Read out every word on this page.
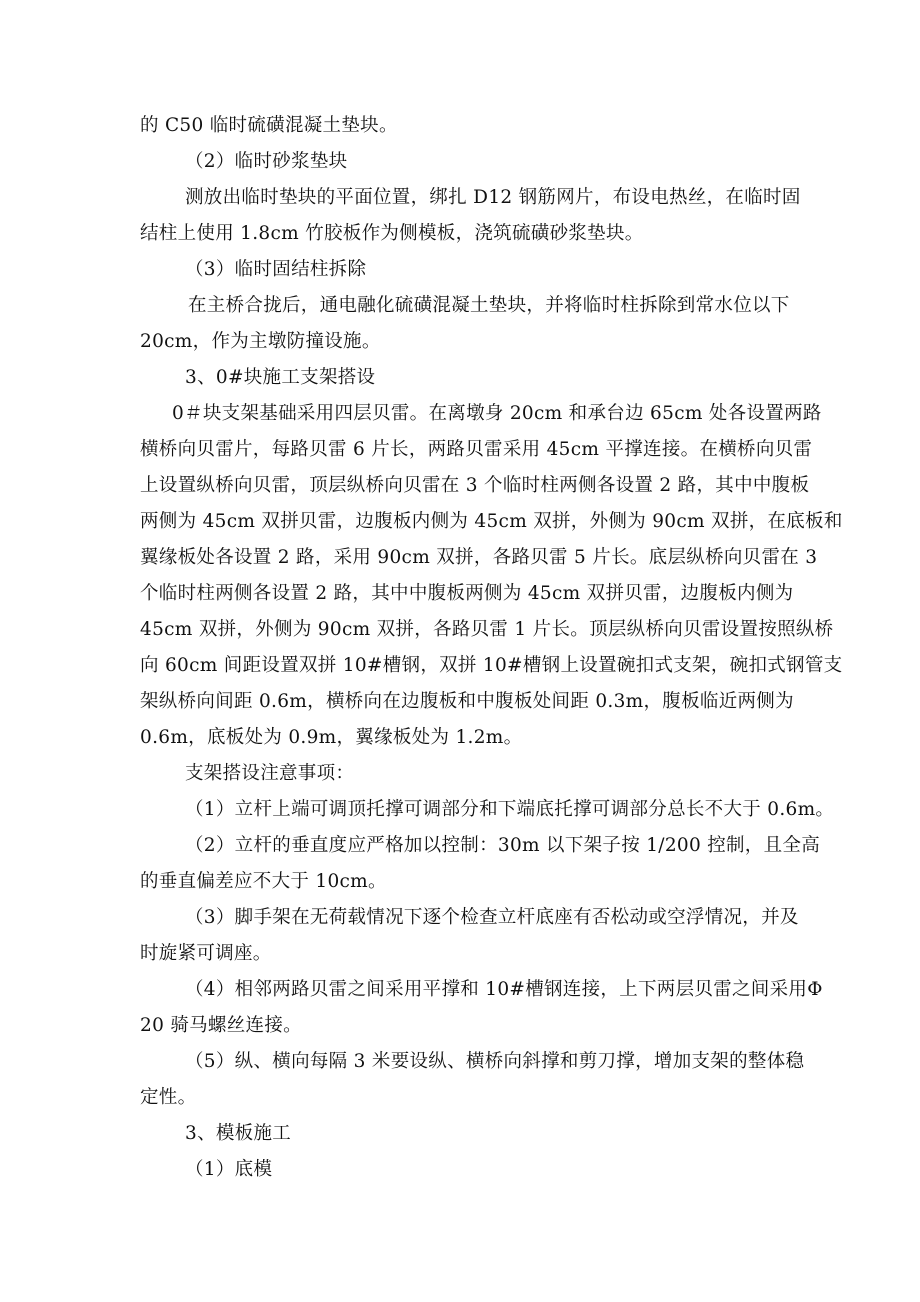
的 C50 临时硫磺混凝土垫块。
（2）临时砂浆垫块
测放出临时垫块的平面位置，绑扎 D12 钢筋网片，布设电热丝，在临时固
结柱上使用 1.8cm 竹胶板作为侧模板，浇筑硫磺砂浆垫块。
（3）临时固结柱拆除
在主桥合拢后，通电融化硫磺混凝土垫块，并将临时柱拆除到常水位以下
20cm，作为主墩防撞设施。
3、0#块施工支架搭设
0＃块支架基础采用四层贝雷。在离墩身 20cm 和承台边 65cm 处各设置两路
横桥向贝雷片，每路贝雷 6 片长，两路贝雷采用 45cm 平撑连接。在横桥向贝雷
上设置纵桥向贝雷，顶层纵桥向贝雷在 3 个临时柱两侧各设置 2 路，其中中腹板
两侧为 45cm 双拼贝雷，边腹板内侧为 45cm 双拼，外侧为 90cm 双拼，在底板和
翼缘板处各设置 2 路，采用 90cm 双拼，各路贝雷 5 片长。底层纵桥向贝雷在 3
个临时柱两侧各设置 2 路，其中中腹板两侧为 45cm 双拼贝雷，边腹板内侧为
45cm 双拼，外侧为 90cm 双拼，各路贝雷 1 片长。顶层纵桥向贝雷设置按照纵桥
向 60cm 间距设置双拼 10#槽钢，双拼 10#槽钢上设置碗扣式支架，碗扣式钢管支
架纵桥向间距 0.6m，横桥向在边腹板和中腹板处间距 0.3m，腹板临近两侧为
0.6m，底板处为 0.9m，翼缘板处为 1.2m。
支架搭设注意事项：
（1）立杆上端可调顶托撑可调部分和下端底托撑可调部分总长不大于 0.6m。
（2）立杆的垂直度应严格加以控制：30m 以下架子按 1/200 控制，且全高
的垂直偏差应不大于 10cm。
（3）脚手架在无荷载情况下逐个检查立杆底座有否松动或空浮情况，并及
时旋紧可调座。
（4）相邻两路贝雷之间采用平撑和 10#槽钢连接，上下两层贝雷之间采用Φ
20 骑马螺丝连接。
（5）纵、横向每隔 3 米要设纵、横桥向斜撑和剪刀撑，增加支架的整体稳
定性。
3、模板施工
（1）底模
